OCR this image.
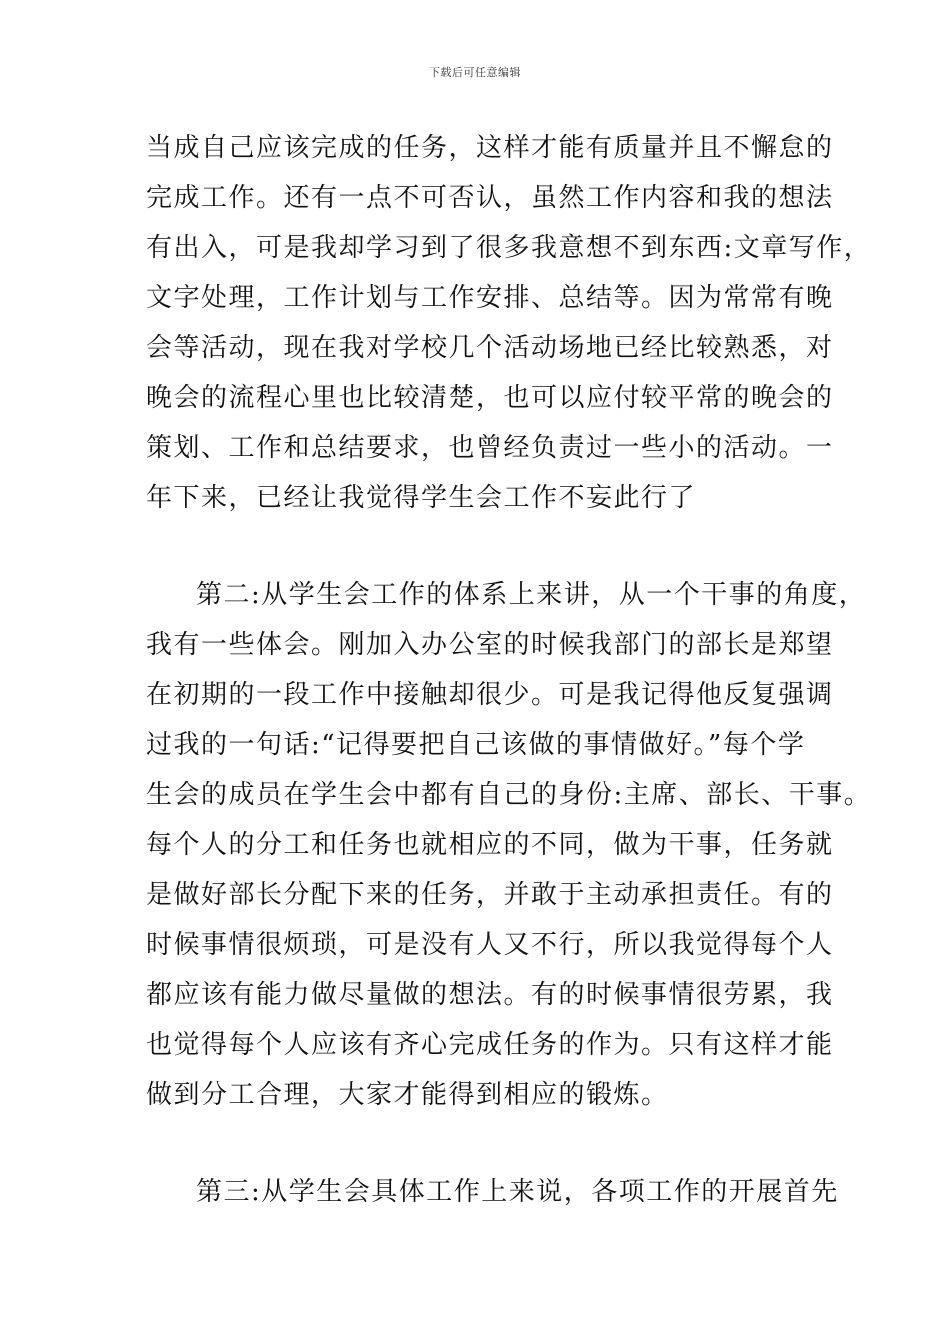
下载后可任意编辑
当成自己应该完成的任务，这样才能有质量并且不懈怠的
完成工作。还有一点不可否认，虽然工作内容和我的想法
有出入，可是我却学习到了很多我意想不到东西:文章写作，
文字处理，工作计划与工作安排、总结等。因为常常有晚
会等活动，现在我对学校几个活动场地已经比较熟悉，对
晚会的流程心里也比较清楚，也可以应付较平常的晚会的
策划、工作和总结要求，也曾经负责过一些小的活动。一
年下来，已经让我觉得学生会工作不妄此行了
第二:从学生会工作的体系上来讲，从一个干事的角度，
我有一些体会。刚加入办公室的时候我部门的部长是郑望
在初期的一段工作中接触却很少。可是我记得他反复强调
过我的一句话:“记得要把自己该做的事情做好。”每个学
生会的成员在学生会中都有自己的身份:主席、部长、干事。
每个人的分工和任务也就相应的不同，做为干事，任务就
是做好部长分配下来的任务，并敢于主动承担责任。有的
时候事情很烦琐，可是没有人又不行，所以我觉得每个人
都应该有能力做尽量做的想法。有的时候事情很劳累，我
也觉得每个人应该有齐心完成任务的作为。只有这样才能
做到分工合理，大家才能得到相应的锻炼。
第三:从学生会具体工作上来说，各项工作的开展首先
